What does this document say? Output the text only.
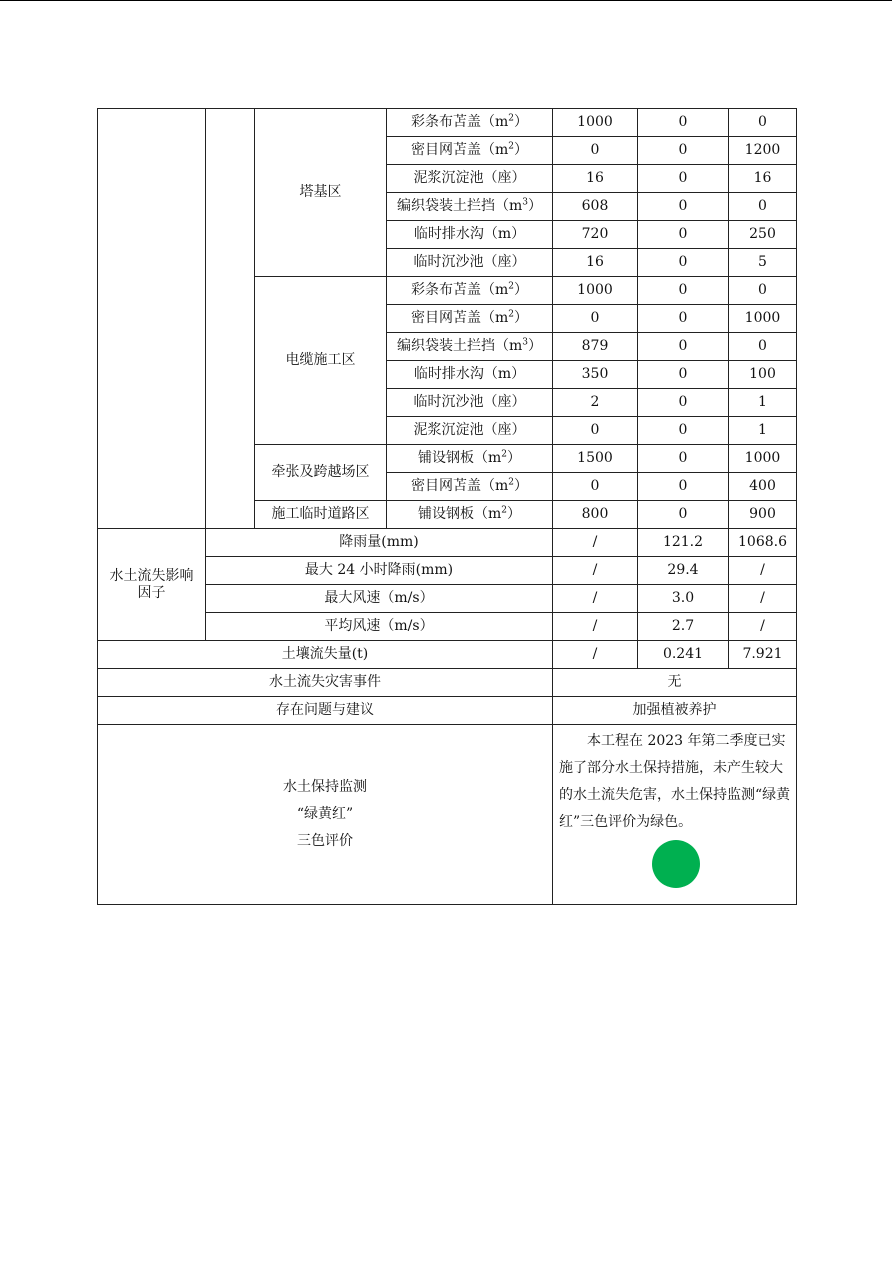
		塔基区	彩条布苫盖$(m^2)$	1000	0	0
			密目网苫盖$(m^2)$	0	0	1200
			泥浆沉淀池（座）	16	0	16
			编织袋装土拦挡$(m^3)$	608	0	0
			临时排水沟（m）	720	0	250
			临时沉沙池（座）	16	0	5
		电缆施工区	彩条布苫盖$(m^2)$	1000	0	0
			密目网苫盖$(m^2)$	0	0	1000
			编织袋装土拦挡$(m^3)$	879	0	0
			临时排水沟（m）	350	0	100
			临时沉沙池（座）	2	0	1
			泥浆沉淀池（座）	0	0	1
		牵张及跨越场区	铺设钢板$(m^2)$	1500	0	1000
			密目网苫盖$(m^2)$	0	0	400
		施工临时道路区	铺设钢板$(m^2)$	800	0	900
水土流失影响
因子	降雨量(mm)			/	121.2	1068.6
	最大 24 小时降雨(mm)			/	29.4	/
	最大风速（m/s）			/	3.0	/
	平均风速（m/s）			/	2.7	/
土壤流失量(t)				/	0.241	7.921
水土流失灾害事件				无		
存在问题与建议				加强植被养护		

水土保持监测
“绿黄红”
三色评价				本工程在 2023 年第二季度已实施了部分水土保持措施，未产生较大的水土流失危害，水土保持监测“绿黄红”三色评价为绿色。		
